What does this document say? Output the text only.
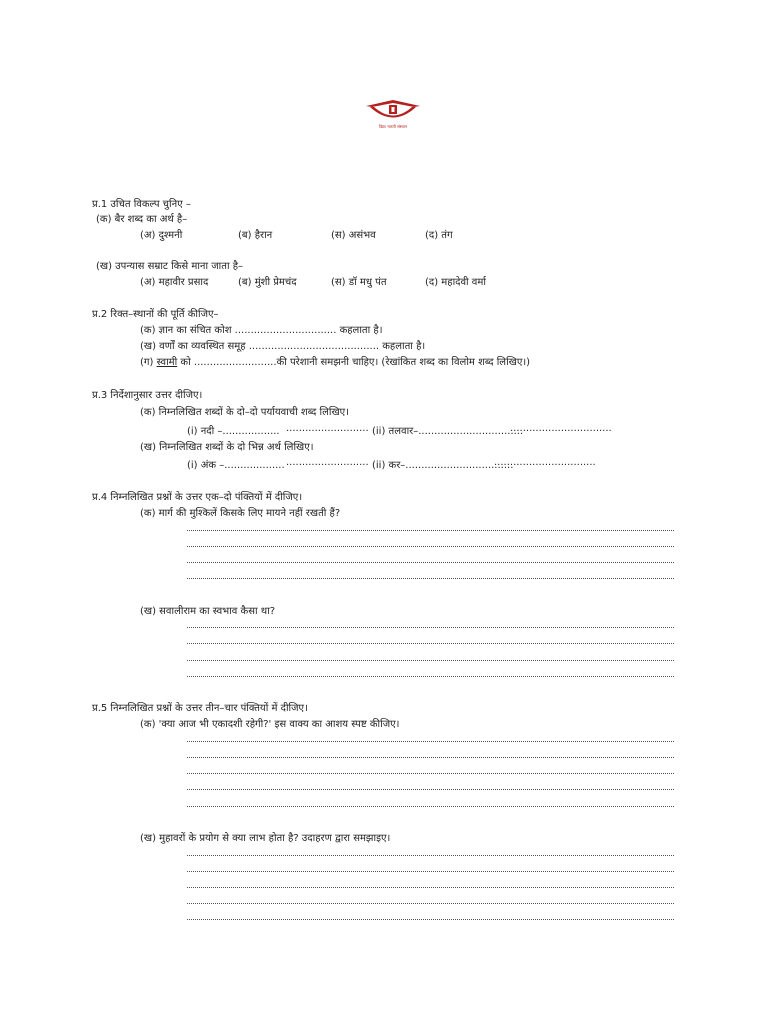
विद्या भारती संस्थान
प्र.1 उचित विकल्प चुनिए –
(क) बैर शब्द का अर्थ है–
(अ) दुश्मनी	(ब) हैरान	(स) असंभव	(द) तंग
(ख) उपन्यास सम्राट किसे माना जाता है–
(अ) महावीर प्रसाद	(ब) मुंशी प्रेमचंद	(स) डॉ मधु पंत	(द) महादेवी वर्मा
प्र.2 रिक्त–स्थानों की पूर्ति कीजिए–
(क) ज्ञान का संचित कोश ................................ कहलाता है।
(ख) वर्णों का व्यवस्थित समूह ......................................... कहलाता है।
(ग) स्वामी को ..........................की परेशानी समझनी चाहिए। (रेखांकित शब्द का विलोम शब्द लिखिए।)
प्र.3 निर्देशानुसार उत्तर दीजिए।
(क) निम्नलिखित शब्दों के दो–दो पर्यायवाची शब्द लिखिए।
(i) नदी –.................. .......................... (ii) तलवार–.................................
................................
(ख) निम्नलिखित शब्दों के दो भिन्न अर्थ लिखिए।
(i) अंक –................... .......................... (ii) कर–..................................
................................
प्र.4 निम्नलिखित प्रश्नों के उत्तर एक–दो पंक्तियों में दीजिए।
(क) मार्ग की मुश्किलें किसके लिए मायने नहीं रखती हैं?
(ख) सवालीराम का स्वभाव कैसा था?
प्र.5 निम्नलिखित प्रश्नों के उत्तर तीन–चार पंक्तियों में दीजिए।
(क) 'क्या आज भी एकादशी रहेगी?' इस वाक्य का आशय स्पष्ट कीजिए।
(ख) मुहावरों के प्रयोग से क्या लाभ होता है? उदाहरण द्वारा समझाइए।
